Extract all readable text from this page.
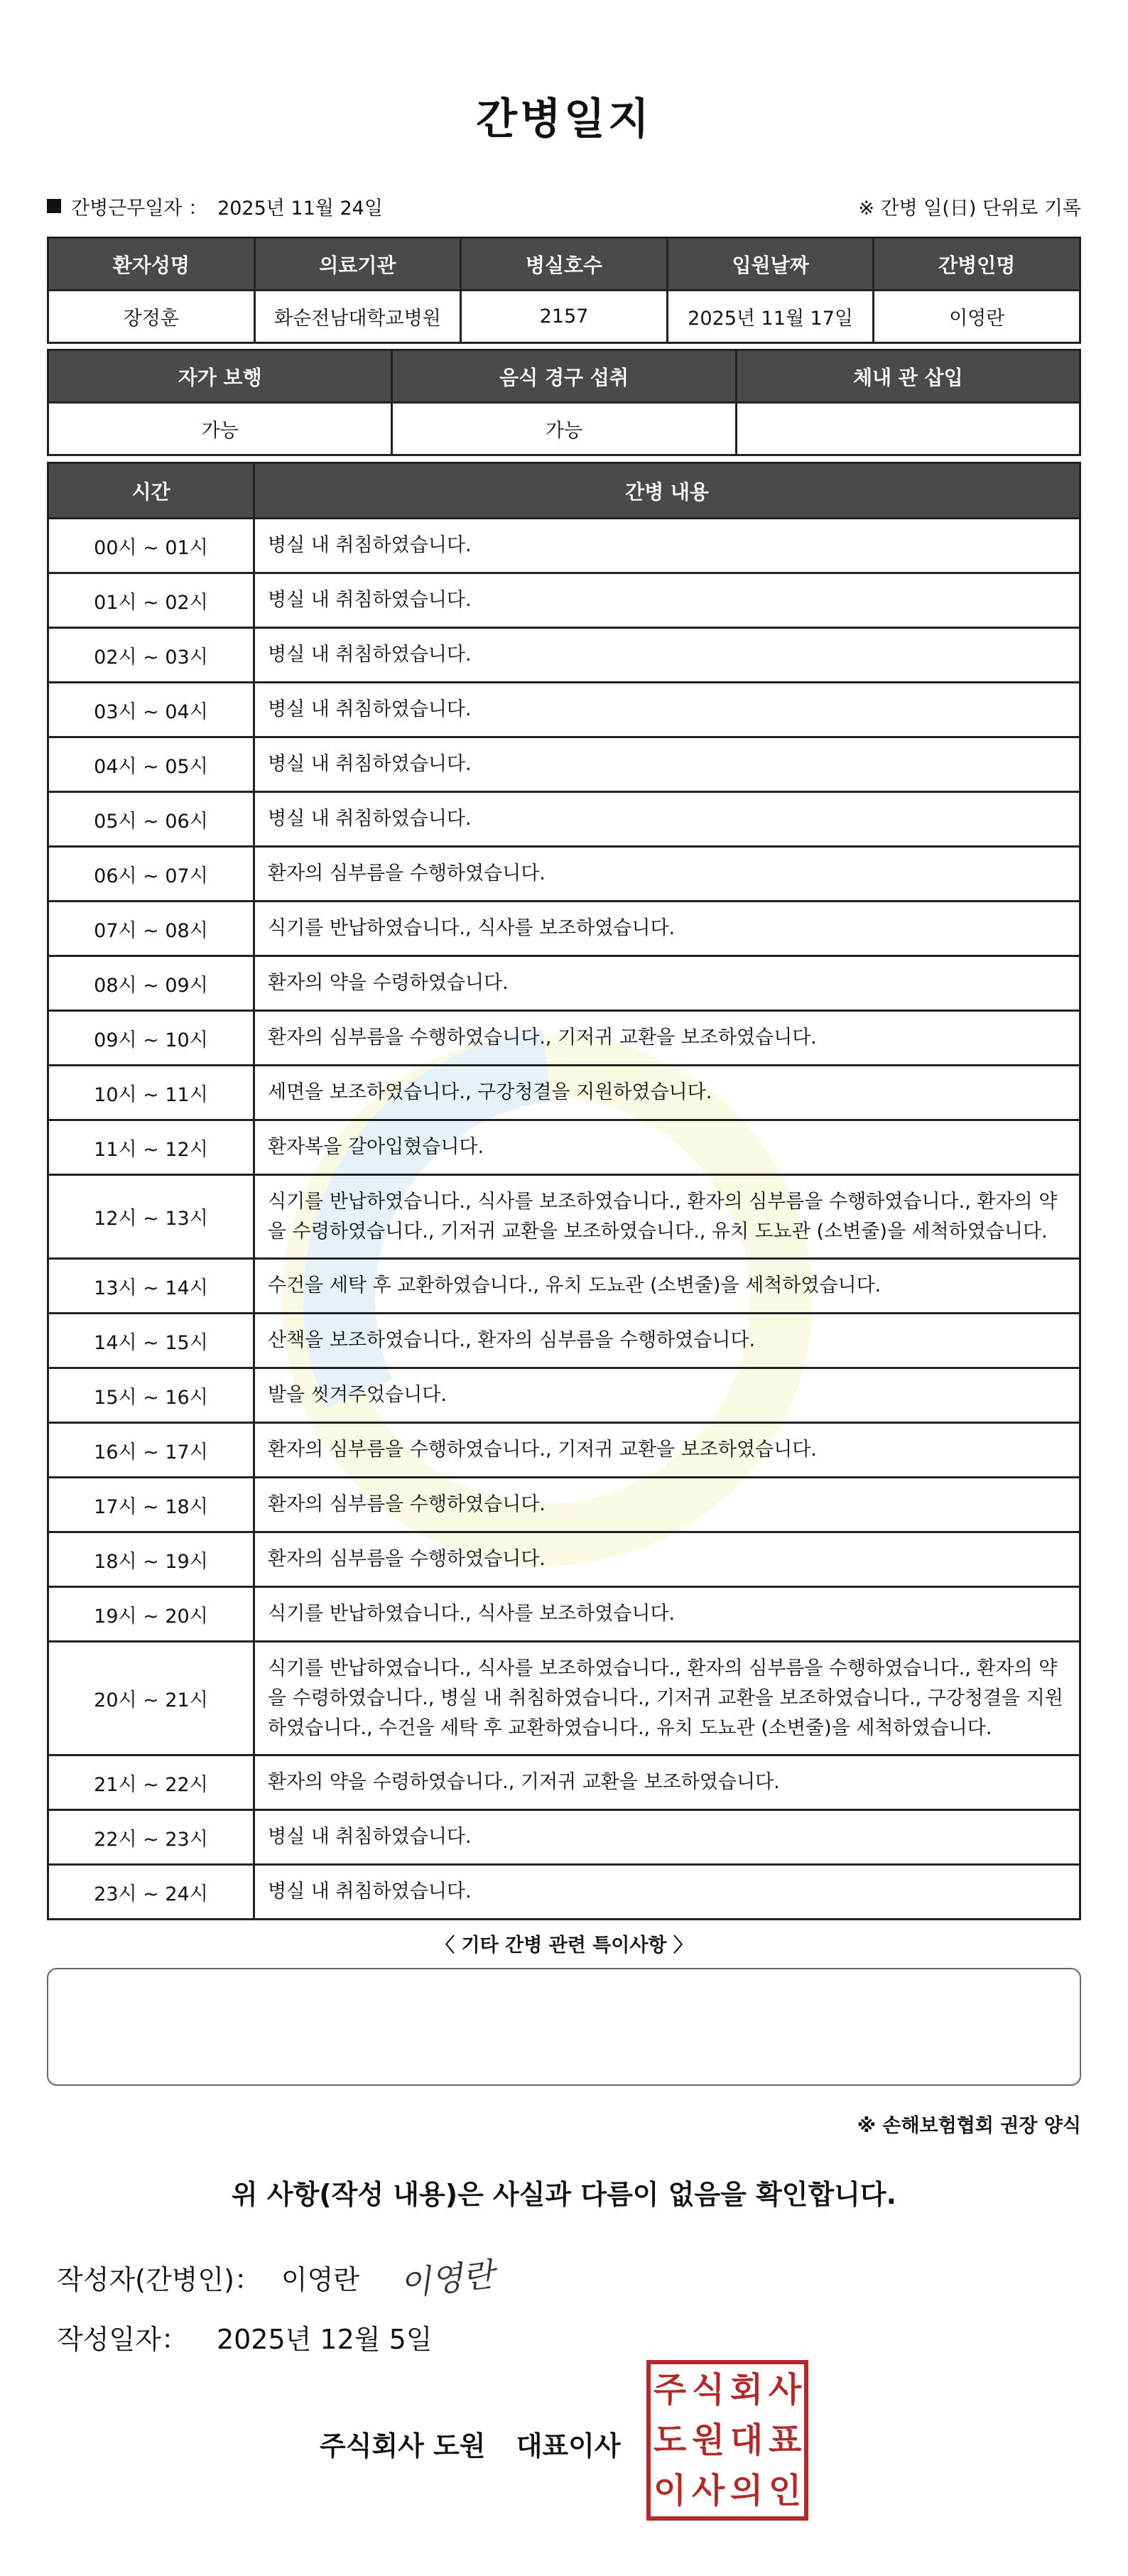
간병일지
간병근무일자 ： 2025년 11월 24일	※ 간병 일(日) 단위로 기록
환자성명	의료기관	병실호수	입원날짜	간병인명
장정훈	화순전남대학교병원	2157	2025년 11월 17일	이영란
자가 보행	음식 경구 섭취	체내 관 삽입
가능	가능	
시간	간병 내용
00시 ~ 01시	병실 내 취침하였습니다.
01시 ~ 02시	병실 내 취침하였습니다.
02시 ~ 03시	병실 내 취침하였습니다.
03시 ~ 04시	병실 내 취침하였습니다.
04시 ~ 05시	병실 내 취침하였습니다.
05시 ~ 06시	병실 내 취침하였습니다.
06시 ~ 07시	환자의 심부름을 수행하였습니다.
07시 ~ 08시	식기를 반납하였습니다., 식사를 보조하였습니다.
08시 ~ 09시	환자의 약을 수령하였습니다.
09시 ~ 10시	환자의 심부름을 수행하였습니다., 기저귀 교환을 보조하였습니다.
10시 ~ 11시	세면을 보조하였습니다., 구강청결을 지원하였습니다.
11시 ~ 12시	환자복을 갈아입혔습니다.
12시 ~ 13시	식기를 반납하였습니다., 식사를 보조하였습니다., 환자의 심부름을 수행하였습니다., 환자의 약을 수령하였습니다., 기저귀 교환을 보조하였습니다., 유치 도뇨관 (소변줄)을 세척하였습니다.
13시 ~ 14시	수건을 세탁 후 교환하였습니다., 유치 도뇨관 (소변줄)을 세척하였습니다.
14시 ~ 15시	산책을 보조하였습니다., 환자의 심부름을 수행하였습니다.
15시 ~ 16시	발을 씻겨주었습니다.
16시 ~ 17시	환자의 심부름을 수행하였습니다., 기저귀 교환을 보조하였습니다.
17시 ~ 18시	환자의 심부름을 수행하였습니다.
18시 ~ 19시	환자의 심부름을 수행하였습니다.
19시 ~ 20시	식기를 반납하였습니다., 식사를 보조하였습니다.
20시 ~ 21시	식기를 반납하였습니다., 식사를 보조하였습니다., 환자의 심부름을 수행하였습니다., 환자의 약을 수령하였습니다., 병실 내 취침하였습니다., 기저귀 교환을 보조하였습니다., 구강청결을 지원하였습니다., 수건을 세탁 후 교환하였습니다., 유치 도뇨관 (소변줄)을 세척하였습니다.
21시 ~ 22시	환자의 약을 수령하였습니다., 기저귀 교환을 보조하였습니다.
22시 ~ 23시	병실 내 취침하였습니다.
23시 ~ 24시	병실 내 취침하였습니다.
〈 기타 간병 관련 특이사항 〉
※ 손해보험협회 권장 양식
위 사항(작성 내용)은 사실과 다름이 없음을 확인합니다.
작성자(간병인)： 이영란 이영란
작성일자： 2025년 12월 5일
주식회사 도원 대표이사
주 식 회 사
도 원 대 표
이 사 의 인
